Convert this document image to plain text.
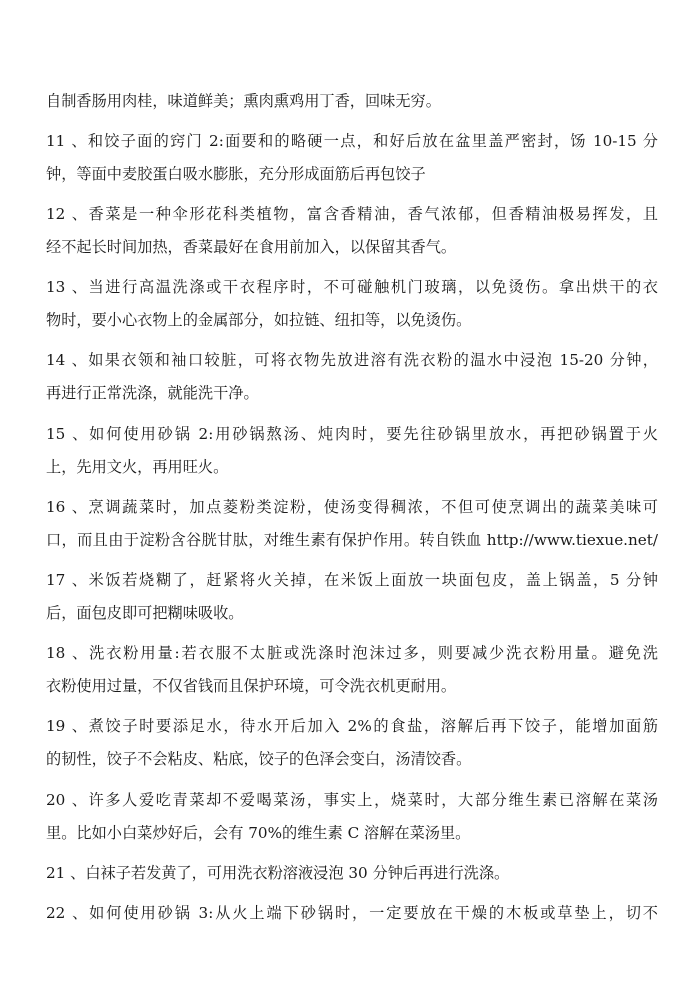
自制香肠用肉桂，味道鲜美；熏肉熏鸡用丁香，回味无穷。
11 、和饺子面的窍门 2:面要和的略硬一点，和好后放在盆里盖严密封，饧 10-15 分
钟，等面中麦胶蛋白吸水膨胀，充分形成面筋后再包饺子
12 、香菜是一种伞形花科类植物，富含香精油，香气浓郁，但香精油极易挥发，且
经不起长时间加热，香菜最好在食用前加入，以保留其香气。
13 、当进行高温洗涤或干衣程序时，不可碰触机门玻璃，以免烫伤。拿出烘干的衣
物时，要小心衣物上的金属部分，如拉链、纽扣等，以免烫伤。
14 、如果衣领和袖口较脏，可将衣物先放进溶有洗衣粉的温水中浸泡 15-20 分钟，
再进行正常洗涤，就能洗干净。
15 、如何使用砂锅 2:用砂锅熬汤、炖肉时，要先往砂锅里放水，再把砂锅置于火
上，先用文火，再用旺火。
16 、烹调蔬菜时，加点菱粉类淀粉，使汤变得稠浓，不但可使烹调出的蔬菜美味可
口，而且由于淀粉含谷胱甘肽，对维生素有保护作用。转自铁血 http://www.tiexue.net/
17 、米饭若烧糊了，赶紧将火关掉，在米饭上面放一块面包皮，盖上锅盖，5 分钟
后，面包皮即可把糊味吸收。
18 、洗衣粉用量:若衣服不太脏或洗涤时泡沫过多，则要减少洗衣粉用量。避免洗
衣粉使用过量，不仅省钱而且保护环境，可令洗衣机更耐用。
19 、煮饺子时要添足水，待水开后加入 2%的食盐，溶解后再下饺子，能增加面筋
的韧性，饺子不会粘皮、粘底，饺子的色泽会变白，汤清饺香。
20 、许多人爱吃青菜却不爱喝菜汤，事实上，烧菜时，大部分维生素已溶解在菜汤
里。比如小白菜炒好后，会有 70%的维生素 C 溶解在菜汤里。
21 、白袜子若发黄了，可用洗衣粉溶液浸泡 30 分钟后再进行洗涤。
22 、如何使用砂锅 3:从火上端下砂锅时，一定要放在干燥的木板或草垫上，切不
